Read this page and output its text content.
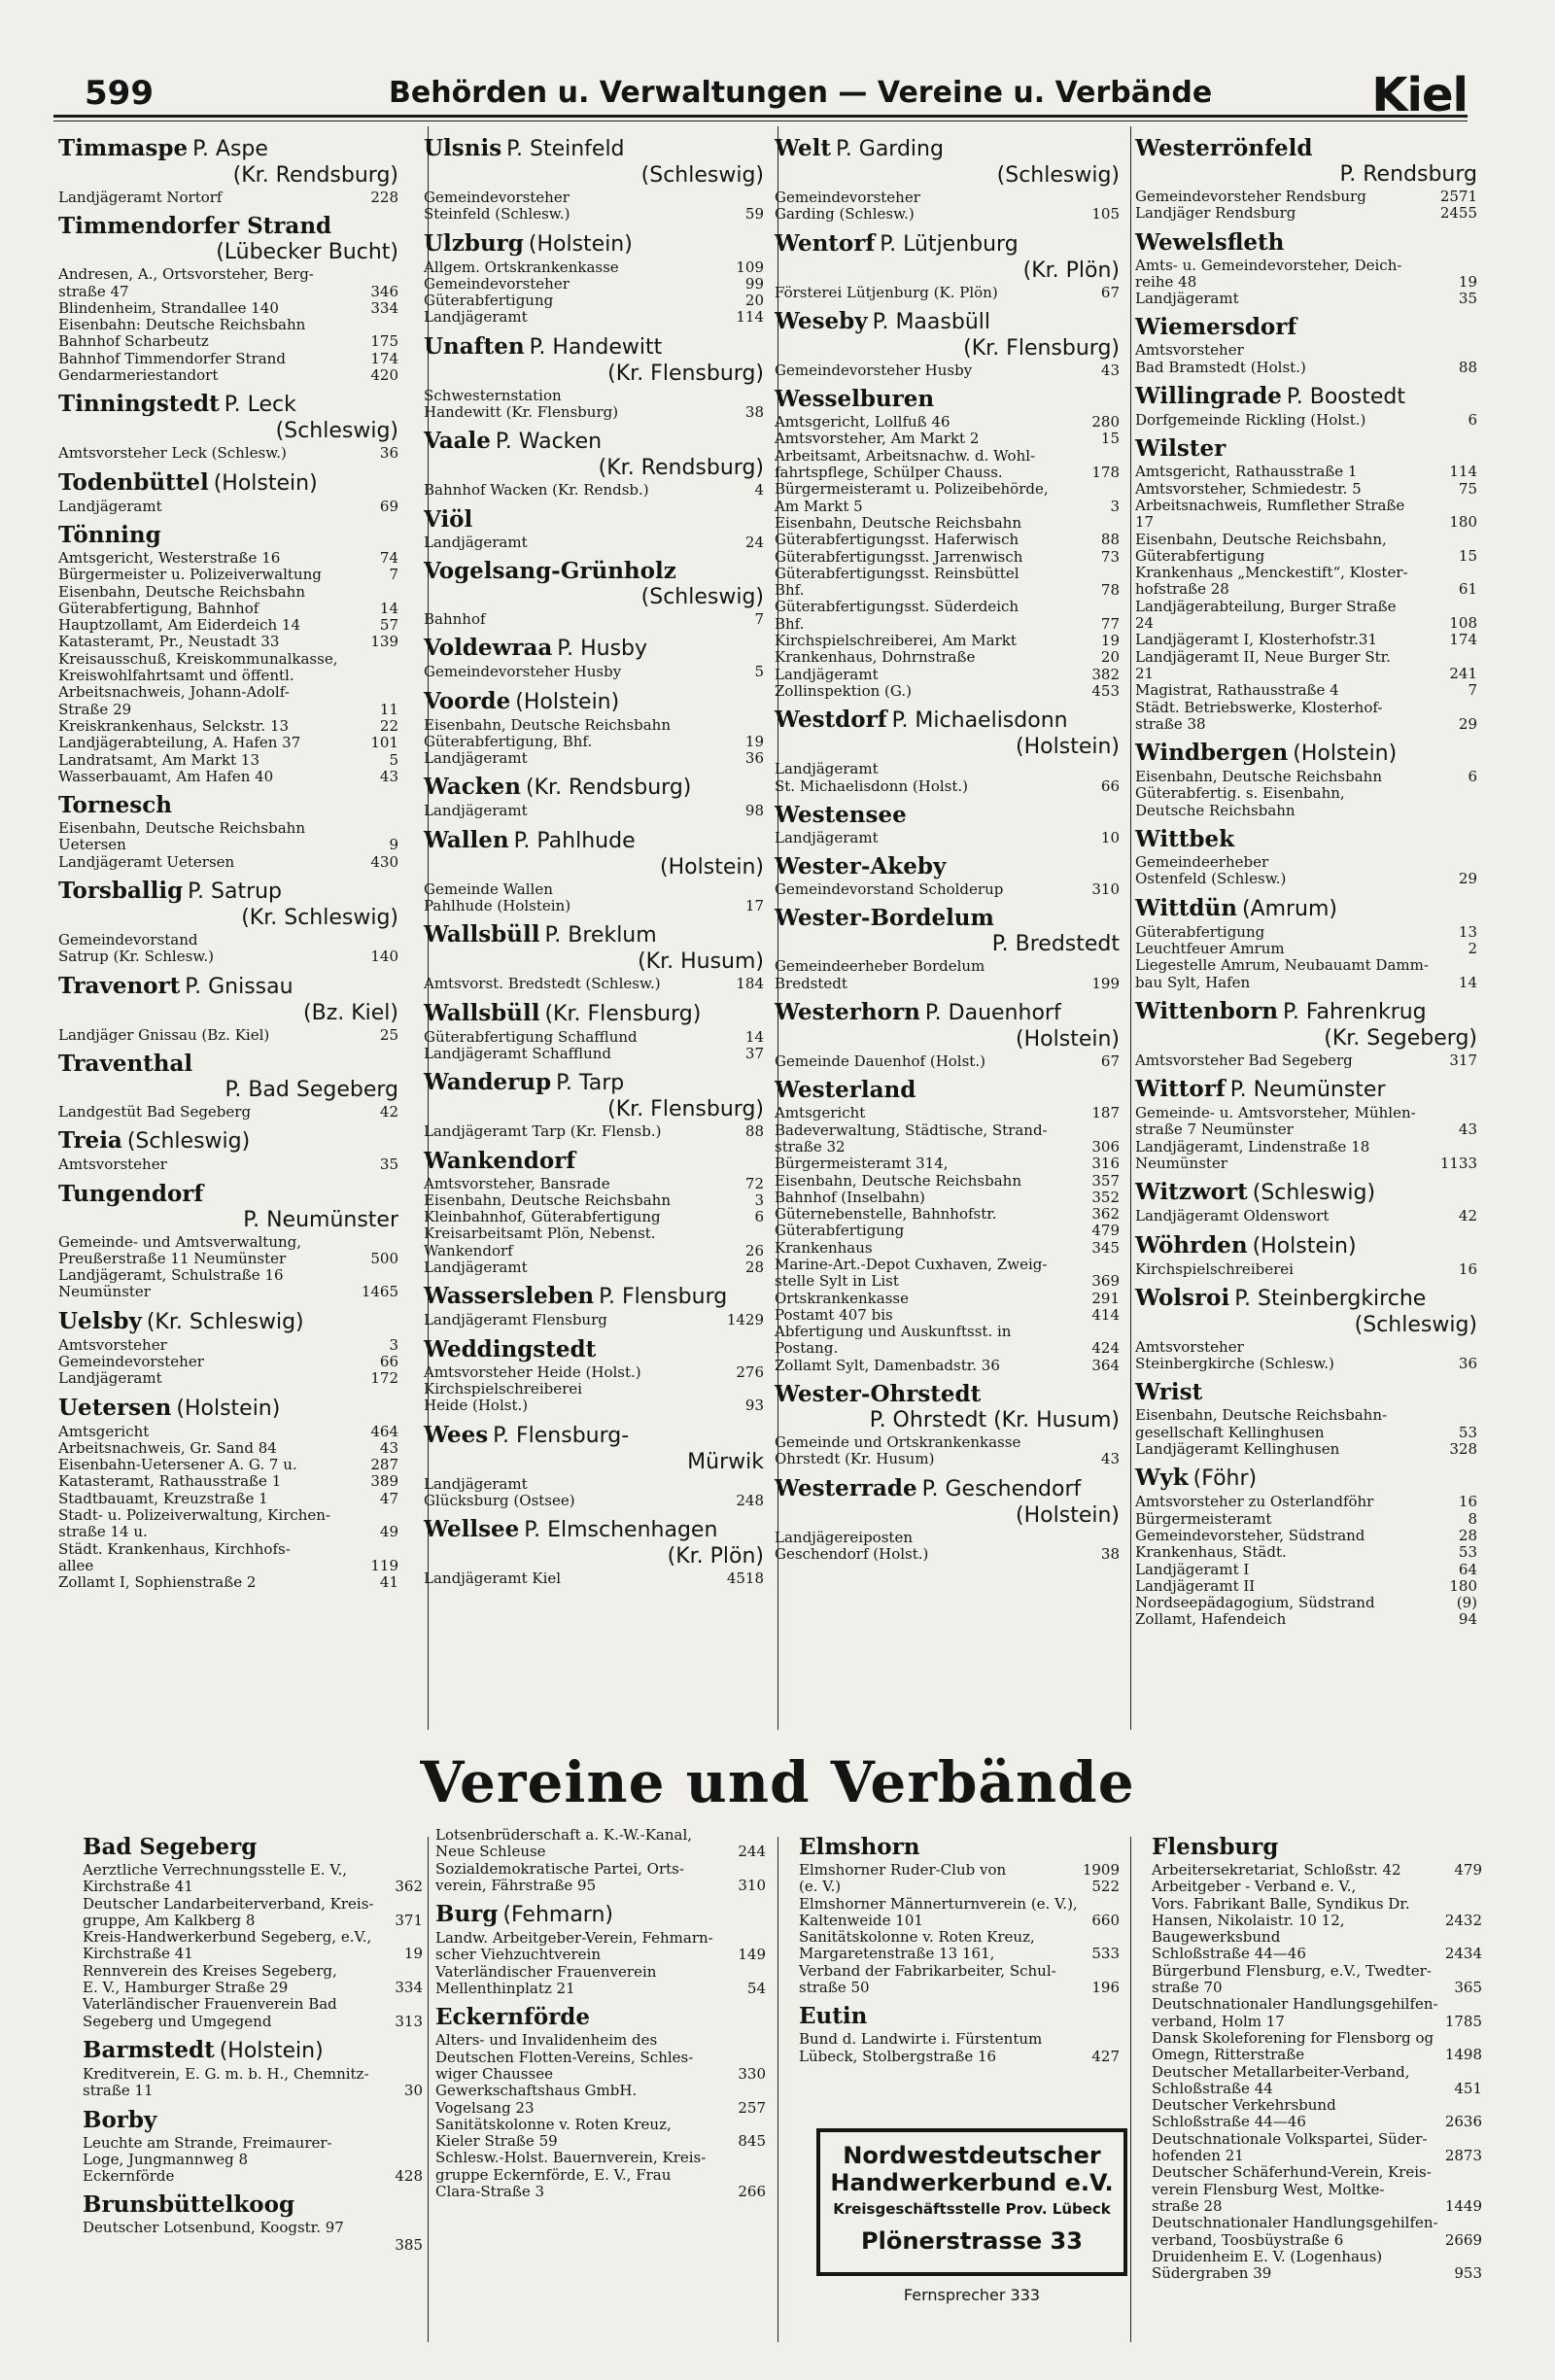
599	Behörden u. Verwaltungen — Vereine u. Verbände	Kiel
Timmaspe P. Aspe
(Kr. Rendsburg)
Landjägeramt Nortorf	228
Timmendorfer Strand
(Lübecker Bucht)
Andresen, A., Ortsvorsteher, Berg-
straße 47	346
Blindenheim, Strandallee 140	334
Eisenbahn: Deutsche Reichsbahn
Bahnhof Scharbeutz	175
Bahnhof Timmendorfer Strand	174
Gendarmeriestandort	420
Tinningstedt P. Leck
(Schleswig)
Amtsvorsteher Leck (Schlesw.)	36
Todenbüttel (Holstein)
Landjägeramt	69
Tönning
Amtsgericht, Westerstraße 16	74
Bürgermeister u. Polizeiverwaltung	7
Eisenbahn, Deutsche Reichsbahn
Güterabfertigung, Bahnhof	14
Hauptzollamt, Am Eiderdeich 14	57
Katasteramt, Pr., Neustadt 33	139
Kreisausschuß, Kreiskommunalkasse,
Kreiswohlfahrtsamt und öffentl.
Arbeitsnachweis, Johann-Adolf-
Straße 29	11
Kreiskrankenhaus, Selckstr. 13	22
Landjägerabteilung, A. Hafen 37	101
Landratsamt, Am Markt 13	5
Wasserbauamt, Am Hafen 40	43
Tornesch
Eisenbahn, Deutsche Reichsbahn
Uetersen	9
Landjägeramt Uetersen	430
Torsballig P. Satrup
(Kr. Schleswig)
Gemeindevorstand
Satrup (Kr. Schlesw.)	140
Travenort P. Gnissau
(Bz. Kiel)
Landjäger Gnissau (Bz. Kiel)	25
Traventhal
P. Bad Segeberg
Landgestüt Bad Segeberg	42
Treia (Schleswig)
Amtsvorsteher	35
Tungendorf
P. Neumünster
Gemeinde- und Amtsverwaltung,
Preußerstraße 11 Neumünster	500
Landjägeramt, Schulstraße 16
Neumünster	1465
Uelsby (Kr. Schleswig)
Amtsvorsteher	3
Gemeindevorsteher	66
Landjägeramt	172
Uetersen (Holstein)
Amtsgericht	464
Arbeitsnachweis, Gr. Sand 84	43
Eisenbahn-Uetersener A. G. 7 u.	287
Katasteramt, Rathausstraße 1	389
Stadtbauamt, Kreuzstraße 1	47
Stadt- u. Polizeiverwaltung, Kirchen-
straße 14 u.	49
Städt. Krankenhaus, Kirchhofs-
allee	119
Zollamt I, Sophienstraße 2	41
Ulsnis P. Steinfeld
(Schleswig)
Gemeindevorsteher
Steinfeld (Schlesw.)	59
Ulzburg (Holstein)
Allgem. Ortskrankenkasse	109
Gemeindevorsteher	99
Güterabfertigung	20
Landjägeramt	114
Unaften P. Handewitt
(Kr. Flensburg)
Schwesternstation
Handewitt (Kr. Flensburg)	38
Vaale P. Wacken
(Kr. Rendsburg)
Bahnhof Wacken (Kr. Rendsb.)	4
Viöl
Landjägeramt	24
Vogelsang-Grünholz
(Schleswig)
Bahnhof	7
Voldewraa P. Husby
Gemeindevorsteher Husby	5
Voorde (Holstein)
Eisenbahn, Deutsche Reichsbahn
Güterabfertigung, Bhf.	19
Landjägeramt	36
Wacken (Kr. Rendsburg)
Landjägeramt	98
Wallen P. Pahlhude
(Holstein)
Gemeinde Wallen
Pahlhude (Holstein)	17
Wallsbüll P. Breklum
(Kr. Husum)
Amtsvorst. Bredstedt (Schlesw.)	184
Wallsbüll (Kr. Flensburg)
Güterabfertigung Schafflund	14
Landjägeramt Schafflund	37
Wanderup P. Tarp
(Kr. Flensburg)
Landjägeramt Tarp (Kr. Flensb.)	88
Wankendorf
Amtsvorsteher, Bansrade	72
Eisenbahn, Deutsche Reichsbahn	3
Kleinbahnhof, Güterabfertigung	6
Kreisarbeitsamt Plön, Nebenst.
Wankendorf	26
Landjägeramt	28
Wassersleben P. Flensburg
Landjägeramt Flensburg	1429
Weddingstedt
Amtsvorsteher Heide (Holst.)	276
Kirchspielschreiberei
Heide (Holst.)	93
Wees P. Flensburg-
Mürwik
Landjägeramt
Glücksburg (Ostsee)	248
Wellsee P. Elmschenhagen
(Kr. Plön)
Landjägeramt Kiel	4518
Welt P. Garding
(Schleswig)
Gemeindevorsteher
Garding (Schlesw.)	105
Wentorf P. Lütjenburg
(Kr. Plön)
Försterei Lütjenburg (K. Plön)	67
Weseby P. Maasbüll
(Kr. Flensburg)
Gemeindevorsteher Husby	43
Wesselburen
Amtsgericht, Lollfuß 46	280
Amtsvorsteher, Am Markt 2	15
Arbeitsamt, Arbeitsnachw. d. Wohl-
fahrtspflege, Schülper Chauss.	178
Bürgermeisteramt u. Polizeibehörde,
Am Markt 5	3
Eisenbahn, Deutsche Reichsbahn
Güterabfertigungsst. Haferwisch	88
Güterabfertigungsst. Jarrenwisch	73
Güterabfertigungsst. Reinsbüttel
Bhf.	78
Güterabfertigungsst. Süderdeich
Bhf.	77
Kirchspielschreiberei, Am Markt	19
Krankenhaus, Dohrnstraße	20
Landjägeramt	382
Zollinspektion (G.)	453
Westdorf P. Michaelisdonn
(Holstein)
Landjägeramt
St. Michaelisdonn (Holst.)	66
Westensee
Landjägeramt	10
Wester-Akeby
Gemeindevorstand Scholderup	310
Wester-Bordelum
P. Bredstedt
Gemeindeerheber Bordelum
Bredstedt	199
Westerhorn P. Dauenhorf
(Holstein)
Gemeinde Dauenhof (Holst.)	67
Westerland
Amtsgericht	187
Badeverwaltung, Städtische, Strand-
straße 32	306
Bürgermeisteramt 314,	316
Eisenbahn, Deutsche Reichsbahn	357
Bahnhof (Inselbahn)	352
Güternebenstelle, Bahnhofstr.	362
Güterabfertigung	479
Krankenhaus	345
Marine-Art.-Depot Cuxhaven, Zweig-
stelle Sylt in List	369
Ortskrankenkasse	291
Postamt 407 bis	414
Abfertigung und Auskunftsst. in
Postang.	424
Zollamt Sylt, Damenbadstr. 36	364
Wester-Ohrstedt
P. Ohrstedt (Kr. Husum)
Gemeinde und Ortskrankenkasse
Ohrstedt (Kr. Husum)	43
Westerrade P. Geschendorf
(Holstein)
Landjägereiposten
Geschendorf (Holst.)	38
Westerrönfeld
P. Rendsburg
Gemeindevorsteher Rendsburg	2571
Landjäger Rendsburg	2455
Wewelsfleth
Amts- u. Gemeindevorsteher, Deich-
reihe 48	19
Landjägeramt	35
Wiemersdorf
Amtsvorsteher
Bad Bramstedt (Holst.)	88
Willingrade P. Boostedt
Dorfgemeinde Rickling (Holst.)	6
Wilster
Amtsgericht, Rathausstraße 1	114
Amtsvorsteher, Schmiedestr. 5	75
Arbeitsnachweis, Rumflether Straße
17	180
Eisenbahn, Deutsche Reichsbahn,
Güterabfertigung	15
Krankenhaus „Menckestift“, Kloster-
hofstraße 28	61
Landjägerabteilung, Burger Straße
24	108
Landjägeramt I, Klosterhofstr.31	174
Landjägeramt II, Neue Burger Str.
21	241
Magistrat, Rathausstraße 4	7
Städt. Betriebswerke, Klosterhof-
straße 38	29
Windbergen (Holstein)
Eisenbahn, Deutsche Reichsbahn	6
Güterabfertig. s. Eisenbahn,
Deutsche Reichsbahn
Wittbek
Gemeindeerheber
Ostenfeld (Schlesw.)	29
Wittdün (Amrum)
Güterabfertigung	13
Leuchtfeuer Amrum	2
Liegestelle Amrum, Neubauamt Damm-
bau Sylt, Hafen	14
Wittenborn P. Fahrenkrug
(Kr. Segeberg)
Amtsvorsteher Bad Segeberg	317
Wittorf P. Neumünster
Gemeinde- u. Amtsvorsteher, Mühlen-
straße 7 Neumünster	43
Landjägeramt, Lindenstraße 18
Neumünster	1133
Witzwort (Schleswig)
Landjägeramt Oldenswort	42
Wöhrden (Holstein)
Kirchspielschreiberei	16
Wolsroi P. Steinbergkirche
(Schleswig)
Amtsvorsteher
Steinbergkirche (Schlesw.)	36
Wrist
Eisenbahn, Deutsche Reichsbahn-
gesellschaft Kellinghusen	53
Landjägeramt Kellinghusen	328
Wyk (Föhr)
Amtsvorsteher zu Osterlandföhr	16
Bürgermeisteramt	8
Gemeindevorsteher, Südstrand	28
Krankenhaus, Städt.	53
Landjägeramt I	64
Landjägeramt II	180
Nordseepädagogium, Südstrand	(9)
Zollamt, Hafendeich	94
Vereine und Verbände
Bad Segeberg
Aerztliche Verrechnungsstelle E. V.,
Kirchstraße 41	362
Deutscher Landarbeiterverband, Kreis-
gruppe, Am Kalkberg 8	371
Kreis-Handwerkerbund Segeberg, e.V.,
Kirchstraße 41	19
Rennverein des Kreises Segeberg,
E. V., Hamburger Straße 29	334
Vaterländischer Frauenverein Bad
Segeberg und Umgegend	313
Barmstedt (Holstein)
Kreditverein, E. G. m. b. H., Chemnitz-
straße 11	30
Borby
Leuchte am Strande, Freimaurer-
Loge, Jungmannweg 8
Eckernförde	428
Brunsbüttelkoog
Deutscher Lotsenbund, Koogstr. 97
385
Lotsenbrüderschaft a. K.-W.-Kanal,
Neue Schleuse	244
Sozialdemokratische Partei, Orts-
verein, Fährstraße 95	310
Burg (Fehmarn)
Landw. Arbeitgeber-Verein, Fehmarn-
scher Viehzuchtverein	149
Vaterländischer Frauenverein
Mellenthinplatz 21	54
Eckernförde
Alters- und Invalidenheim des
Deutschen Flotten-Vereins, Schles-
wiger Chaussee	330
Gewerkschaftshaus GmbH.
Vogelsang 23	257
Sanitätskolonne v. Roten Kreuz,
Kieler Straße 59	845
Schlesw.-Holst. Bauernverein, Kreis-
gruppe Eckernförde, E. V., Frau
Clara-Straße 3	266
Elmshorn
Elmshorner Ruder-Club von	1909
(e. V.)	522
Elmshorner Männerturnverein (e. V.),
Kaltenweide 101	660
Sanitätskolonne v. Roten Kreuz,
Margaretenstraße 13 161,	533
Verband der Fabrikarbeiter, Schul-
straße 50	196
Eutin
Bund d. Landwirte i. Fürstentum
Lübeck, Stolbergstraße 16	427
Flensburg
Arbeitersekretariat, Schloßstr. 42	479
Arbeitgeber - Verband e. V.,
Vors. Fabrikant Balle, Syndikus Dr.
Hansen, Nikolaistr. 10 12,	2432
Baugewerksbund
Schloßstraße 44—46	2434
Bürgerbund Flensburg, e.V., Twedter-
straße 70	365
Deutschnationaler Handlungsgehilfen-
verband, Holm 17	1785
Dansk Skoleforening for Flensborg og
Omegn, Ritterstraße	1498
Deutscher Metallarbeiter-Verband,
Schloßstraße 44	451
Deutscher Verkehrsbund
Schloßstraße 44—46	2636
Deutschnationale Volkspartei, Süder-
hofenden 21	2873
Deutscher Schäferhund-Verein, Kreis-
verein Flensburg West, Moltke-
straße 28	1449
Deutschnationaler Handlungsgehilfen-
verband, Toosbüystraße 6	2669
Druidenheim E. V. (Logenhaus)
Südergraben 39	953
Nordwestdeutscher
Handwerkerbund e.V.
Kreisgeschäftsstelle Prov. Lübeck
Plönerstrasse 33
Fernsprecher 333
